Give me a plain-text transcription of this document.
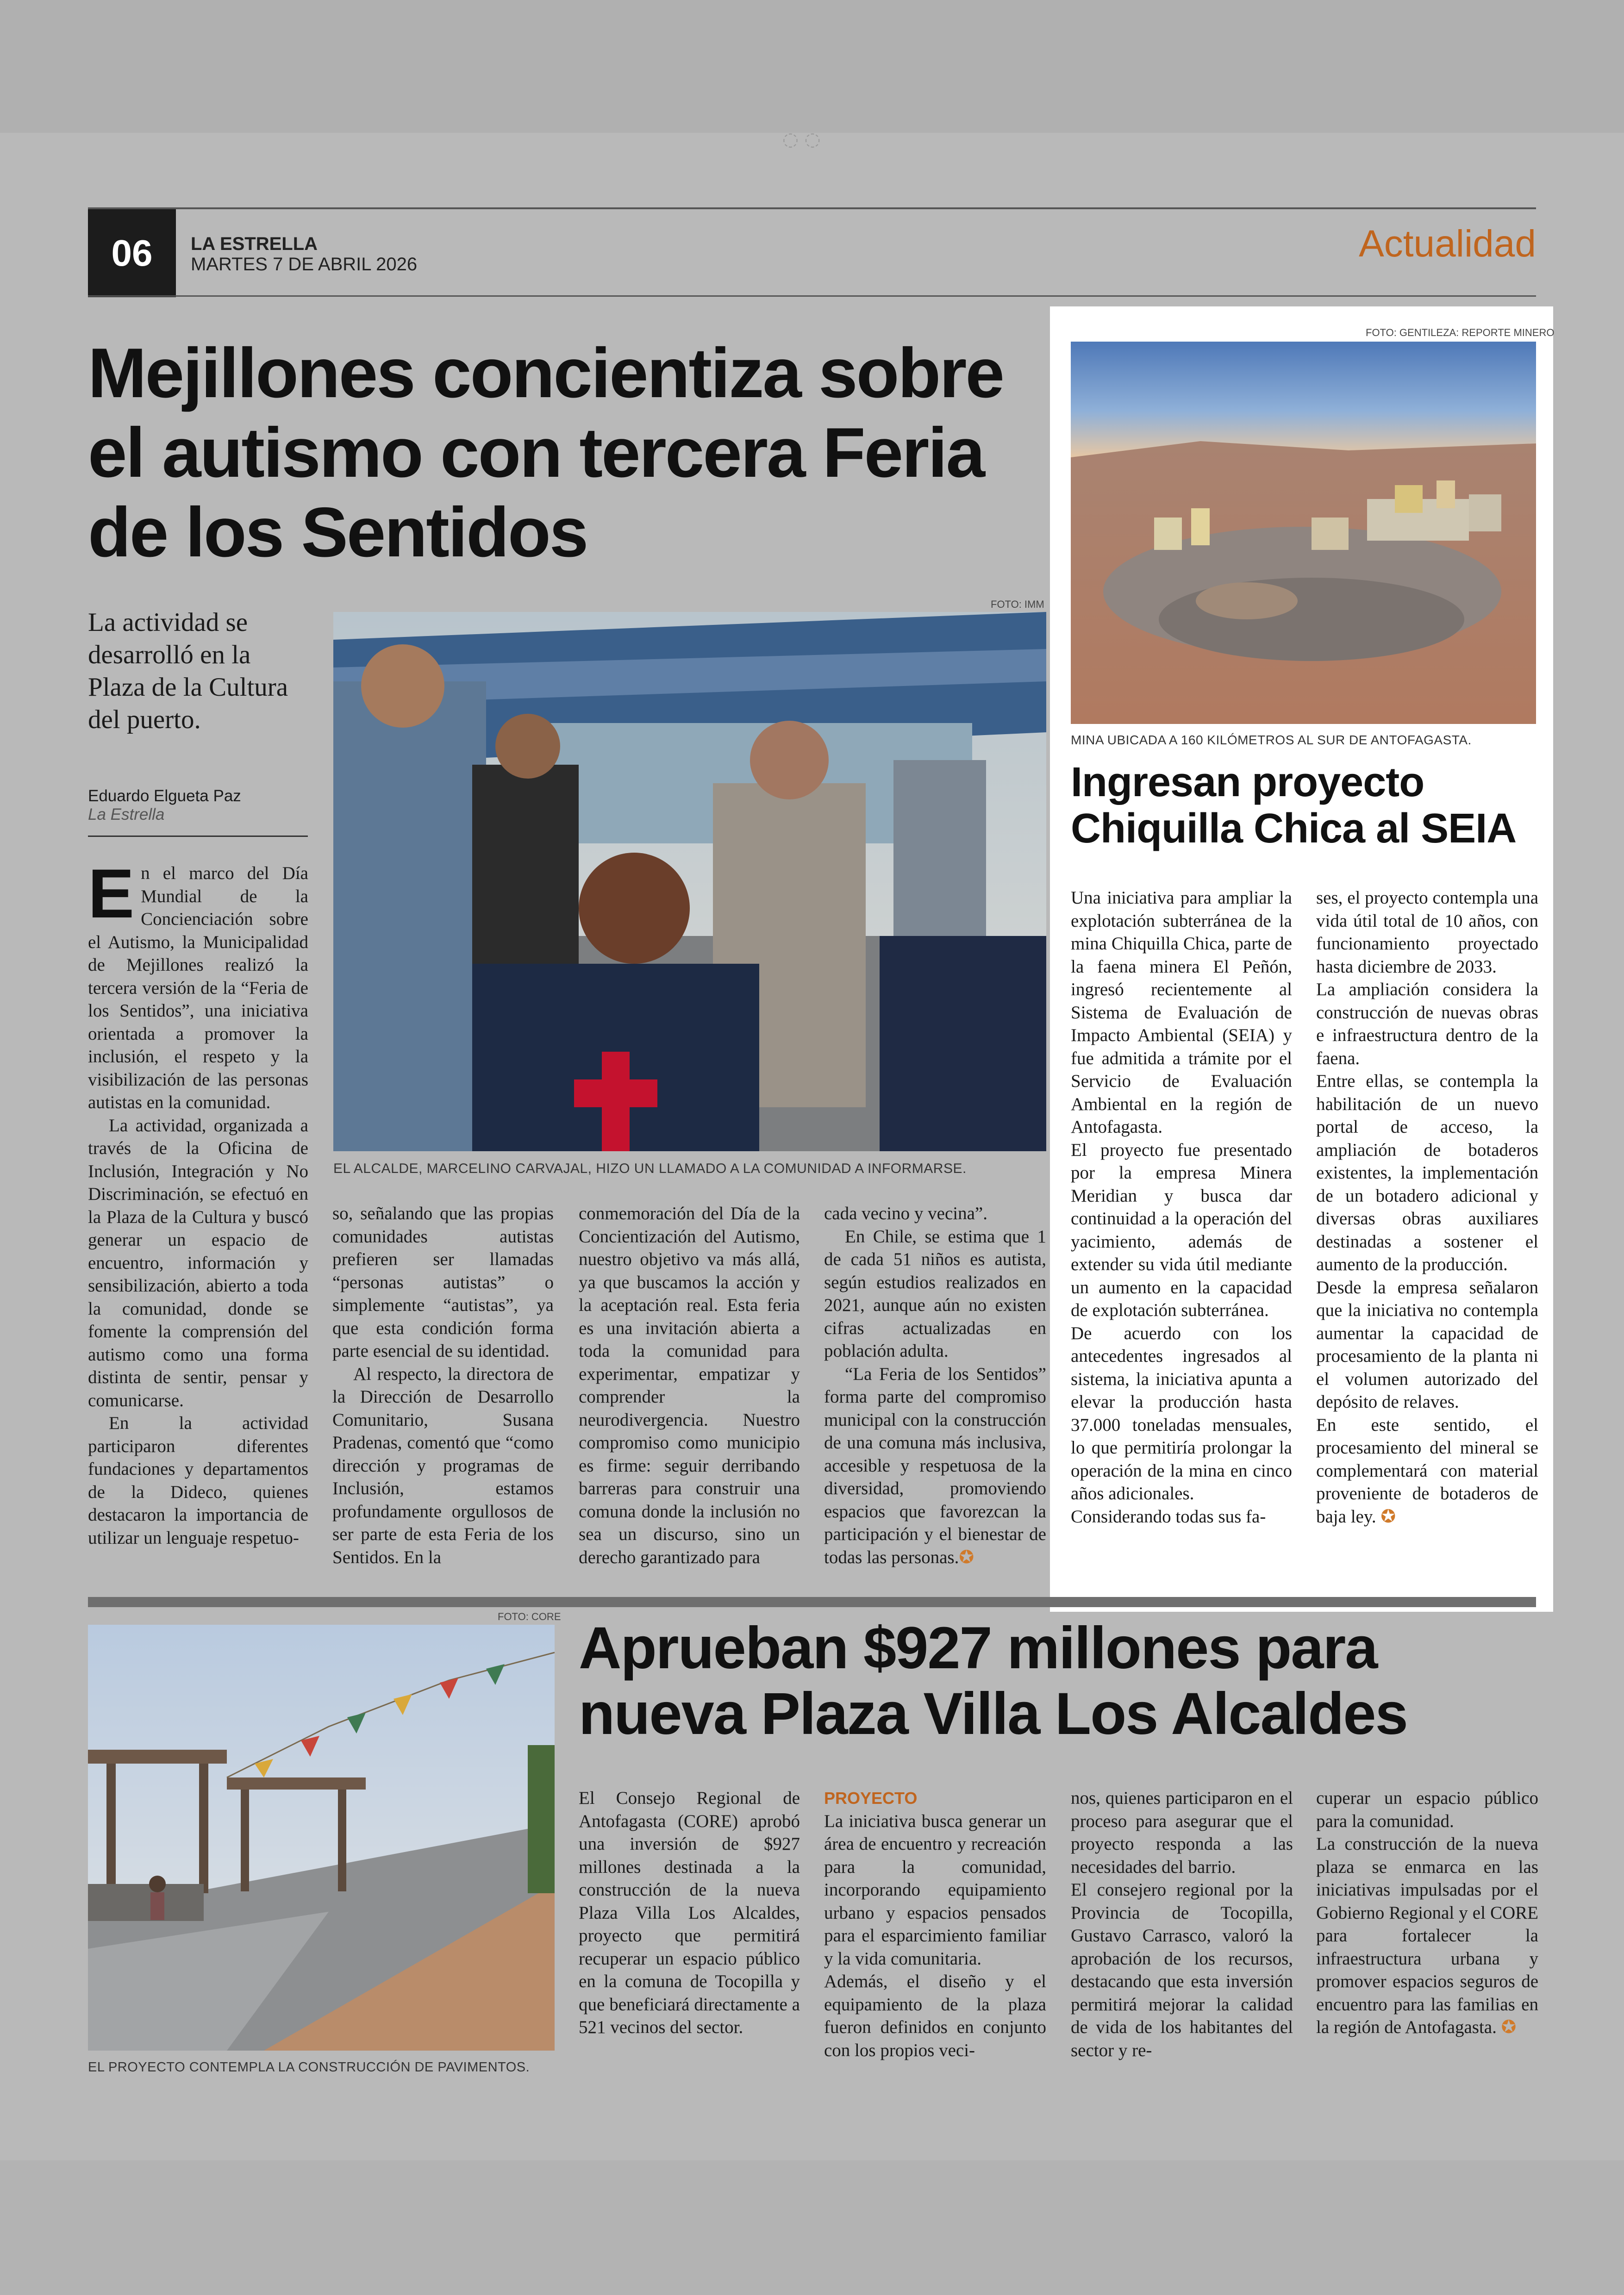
◌ ◌
06	LA ESTRELLA
MARTES 7 DE ABRIL 2026	Actualidad
Mejillones concientiza sobre el autismo con tercera Feria de los Sentidos
La actividad se desarrolló en la Plaza de la Cultura del puerto.
Eduardo Elgueta Paz
La Estrella
FOTO: IMM
EL ALCALDE, MARCELINO CARVAJAL, HIZO UN LLAMADO A LA COMUNIDAD A INFORMARSE.

En el marco del Día Mundial de la Concienciación sobre el Autismo, la Municipalidad de Mejillones realizó la tercera versión de la “Feria de los Sentidos”, una iniciativa orientada a promover la inclusión, el respeto y la visibilización de las personas autistas en la comunidad.

La actividad, organizada a través de la Oficina de Inclusión, Integración y No Discriminación, se efectuó en la Plaza de la Cultura y buscó generar un espacio de encuentro, información y sensibilización, abierto a toda la comunidad, donde se fomente la comprensión del autismo como una forma distinta de sentir, pensar y comunicarse.

En la actividad participaron diferentes fundaciones y departamentos de la Dideco, quienes destacaron la importancia de utilizar un lenguaje respetuo-

so, señalando que las propias comunidades autistas prefieren ser llamadas “personas autistas” o simplemente “autistas”, ya que esta condición forma parte esencial de su identidad.

Al respecto, la directora de la Dirección de Desarrollo Comunitario, Susana Pradenas, comentó que “como dirección y programas de Inclusión, estamos profundamente orgullosos de ser parte de esta Feria de los Sentidos. En la

conmemoración del Día de la Concientización del Autismo, nuestro objetivo va más allá, ya que buscamos la acción y la aceptación real. Esta feria es una invitación abierta a toda la comunidad para experimentar, empatizar y comprender la neurodivergencia. Nuestro compromiso como municipio es firme: seguir derribando barreras para construir una comuna donde la inclusión no sea un discurso, sino un derecho garantizado para

cada vecino y vecina”.

En Chile, se estima que 1 de cada 51 niños es autista, según estudios realizados en 2021, aunque aún no existen cifras actualizadas en población adulta.

“La Feria de los Sentidos” forma parte del compromiso municipal con la construcción de una comuna más inclusiva, accesible y respetuosa de la diversidad, promoviendo espacios que favorezcan la participación y el bienestar de todas las personas.✪

FOTO: GENTILEZA: REPORTE MINERO
MINA UBICADA A 160 KILÓMETROS AL SUR DE ANTOFAGASTA.
Ingresan proyecto Chiquilla Chica al SEIA

Una iniciativa para ampliar la explotación subterránea de la mina Chiquilla Chica, parte de la faena minera El Peñón, ingresó recientemente al Sistema de Evaluación de Impacto Ambiental (SEIA) y fue admitida a trámite por el Servicio de Evaluación Ambiental en la región de Antofagasta.

El proyecto fue presentado por la empresa Minera Meridian y busca dar continuidad a la operación del yacimiento, además de extender su vida útil mediante un aumento en la capacidad de explotación subterránea.

De acuerdo con los antecedentes ingresados al sistema, la iniciativa apunta a elevar la producción hasta 37.000 toneladas mensuales, lo que permitiría prolongar la operación de la mina en cinco años adicionales.

Considerando todas sus fa-

ses, el proyecto contempla una vida útil total de 10 años, con funcionamiento proyectado hasta diciembre de 2033.

La ampliación considera la construcción de nuevas obras e infraestructura dentro de la faena.

Entre ellas, se contempla la habilitación de un nuevo portal de acceso, la ampliación de botaderos existentes, la implementación de un botadero adicional y diversas obras auxiliares destinadas a sostener el aumento de la producción.

Desde la empresa señalaron que la iniciativa no contempla aumentar la capacidad de procesamiento de la planta ni el volumen autorizado del depósito de relaves.

En este sentido, el procesamiento del mineral se complementará con material proveniente de botaderos de baja ley. ✪

FOTO: CORE
EL PROYECTO CONTEMPLA LA CONSTRUCCIÓN DE PAVIMENTOS.
Aprueban $927 millones para nueva Plaza Villa Los Alcaldes

El Consejo Regional de Antofagasta (CORE) aprobó una inversión de $927 millones destinada a la construcción de la nueva Plaza Villa Los Alcaldes, proyecto que permitirá recuperar un espacio público en la comuna de Tocopilla y que beneficiará directamente a 521 vecinos del sector.

PROYECTO

La iniciativa busca generar un área de encuentro y recreación para la comunidad, incorporando equipamiento urbano y espacios pensados para el esparcimiento familiar y la vida comunitaria.

Además, el diseño y el equipamiento de la plaza fueron definidos en conjunto con los propios veci-

nos, quienes participaron en el proceso para asegurar que el proyecto responda a las necesidades del barrio.

El consejero regional por la Provincia de Tocopilla, Gustavo Carrasco, valoró la aprobación de los recursos, destacando que esta inversión permitirá mejorar la calidad de vida de los habitantes del sector y re-

cuperar un espacio público para la comunidad.

La construcción de la nueva plaza se enmarca en las iniciativas impulsadas por el Gobierno Regional y el CORE para fortalecer la infraestructura urbana y promover espacios seguros de encuentro para las familias en la región de Antofagasta. ✪
